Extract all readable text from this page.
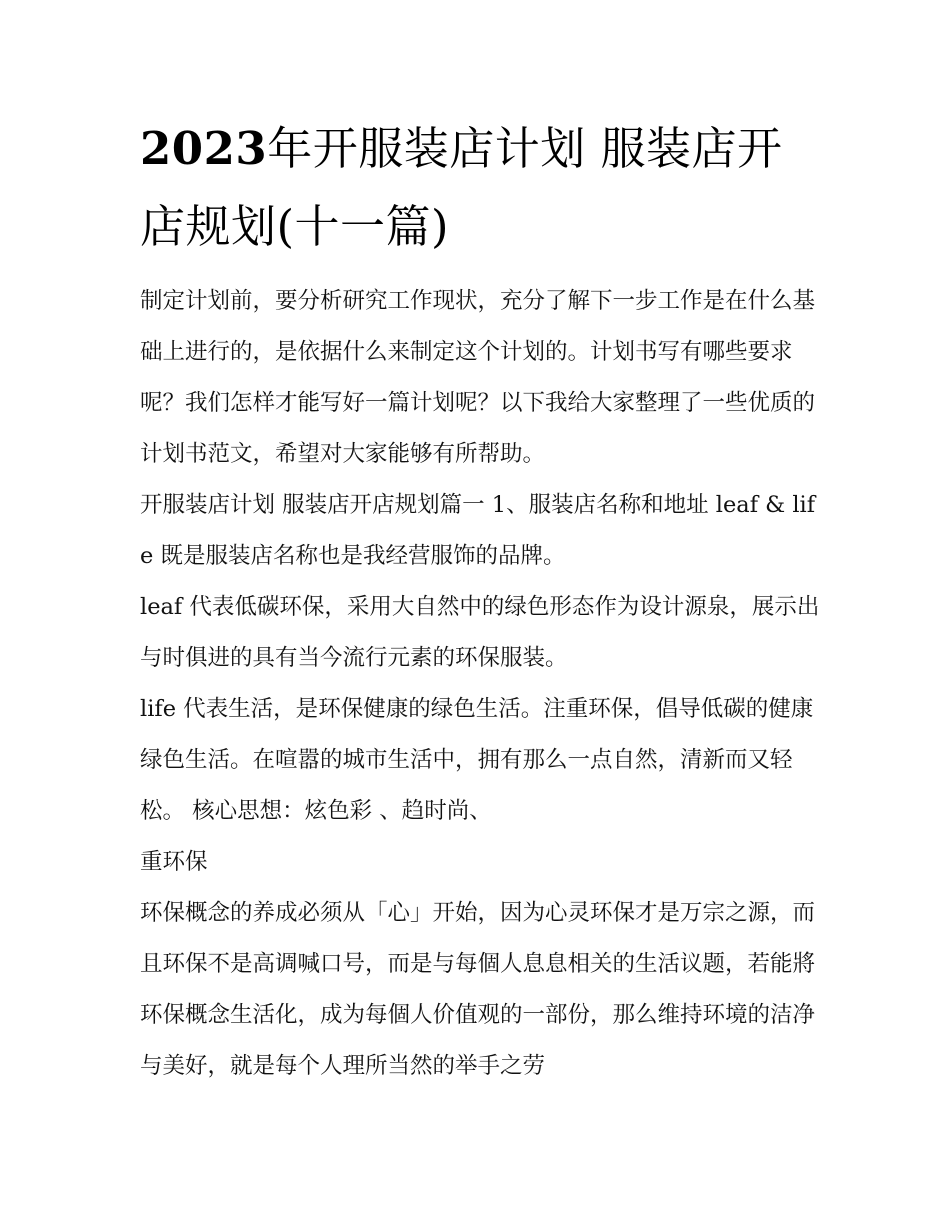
2023年开服装店计划 服装店开店规划(十一篇)

制定计划前，要分析研究工作现状，充分了解下一步工作是在什么基础上进行的，是依据什么来制定这个计划的。计划书写有哪些要求呢？我们怎样才能写好一篇计划呢？以下我给大家整理了一些优质的计划书范文，希望对大家能够有所帮助。

开服装店计划 服装店开店规划篇一 1、服装店名称和地址 leaf & life 既是服装店名称也是我经营服饰的品牌。

leaf 代表低碳环保，采用大自然中的绿色形态作为设计源泉，展示出与时俱进的具有当今流行元素的环保服装。

life 代表生活，是环保健康的绿色生活。注重环保，倡导低碳的健康绿色生活。在喧嚣的城市生活中，拥有那么一点自然，清新而又轻松。 核心思想：炫色彩 、趋时尚、

重环保

环保概念的养成必须从「心」开始，因为心灵环保才是万宗之源，而且环保不是高调喊口号，而是与每個人息息相关的生活议题，若能將环保概念生活化，成为每個人价值观的一部份，那么维持环境的洁净与美好，就是每个人理所当然的举手之劳
